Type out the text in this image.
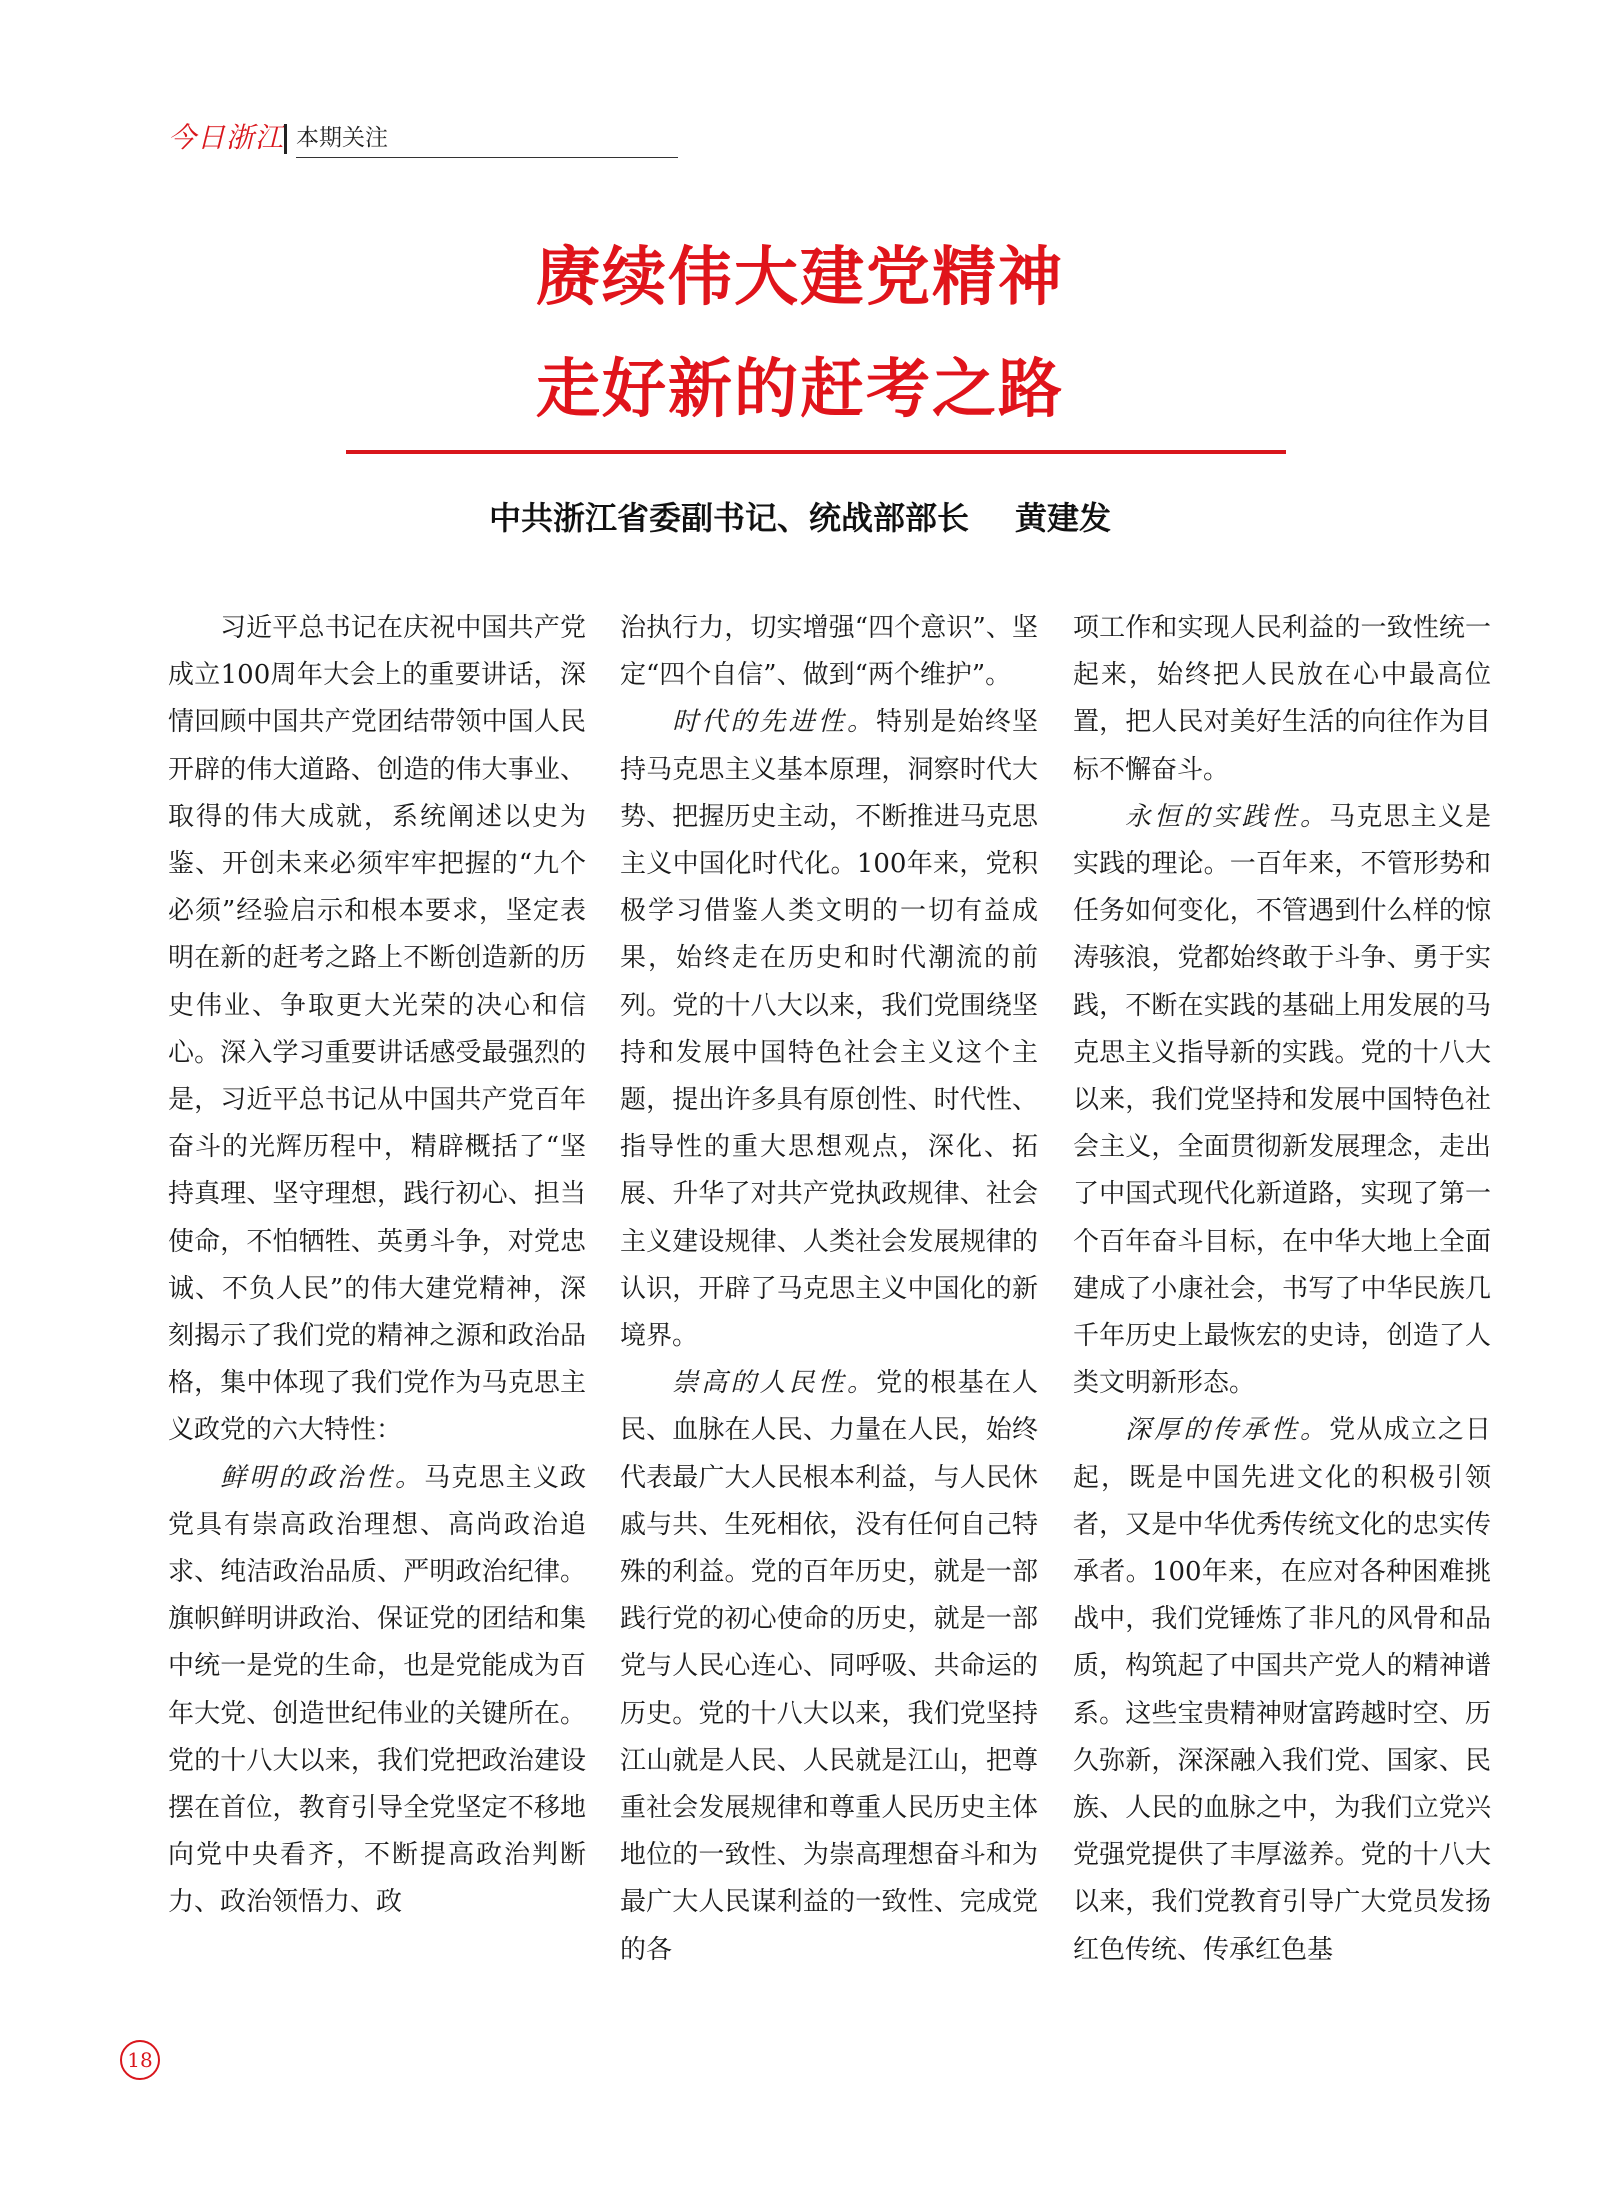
今日浙江 本期关注
赓续伟大建党精神
走好新的赶考之路
中共浙江省委副书记、统战部部长 黄建发

习近平总书记在庆祝中国共产党成立100周年大会上的重要讲话，深情回顾中国共产党团结带领中国人民开辟的伟大道路、创造的伟大事业、取得的伟大成就，系统阐述以史为鉴、开创未来必须牢牢把握的“九个必须”经验启示和根本要求，坚定表明在新的赶考之路上不断创造新的历史伟业、争取更大光荣的决心和信心。深入学习重要讲话感受最强烈的是，习近平总书记从中国共产党百年奋斗的光辉历程中，精辟概括了“坚持真理、坚守理想，践行初心、担当使命，不怕牺牲、英勇斗争，对党忠诚、不负人民”的伟大建党精神，深刻揭示了我们党的精神之源和政治品格，集中体现了我们党作为马克思主义政党的六大特性：

鲜明的政治性。马克思主义政党具有崇高政治理想、高尚政治追求、纯洁政治品质、严明政治纪律。旗帜鲜明讲政治、保证党的团结和集中统一是党的生命，也是党能成为百年大党、创造世纪伟业的关键所在。党的十八大以来，我们党把政治建设摆在首位，教育引导全党坚定不移地向党中央看齐，不断提高政治判断力、政治领悟力、政

治执行力，切实增强“四个意识”、坚定“四个自信”、做到“两个维护”。

时代的先进性。特别是始终坚持马克思主义基本原理，洞察时代大势、把握历史主动，不断推进马克思主义中国化时代化。100年来，党积极学习借鉴人类文明的一切有益成果，始终走在历史和时代潮流的前列。党的十八大以来，我们党围绕坚持和发展中国特色社会主义这个主题，提出许多具有原创性、时代性、指导性的重大思想观点，深化、拓展、升华了对共产党执政规律、社会主义建设规律、人类社会发展规律的认识，开辟了马克思主义中国化的新境界。

崇高的人民性。党的根基在人民、血脉在人民、力量在人民，始终代表最广大人民根本利益，与人民休戚与共、生死相依，没有任何自己特殊的利益。党的百年历史，就是一部践行党的初心使命的历史，就是一部党与人民心连心、同呼吸、共命运的历史。党的十八大以来，我们党坚持江山就是人民、人民就是江山，把尊重社会发展规律和尊重人民历史主体地位的一致性、为崇高理想奋斗和为最广大人民谋利益的一致性、完成党的各

项工作和实现人民利益的一致性统一起来，始终把人民放在心中最高位置，把人民对美好生活的向往作为目标不懈奋斗。

永恒的实践性。马克思主义是实践的理论。一百年来，不管形势和任务如何变化，不管遇到什么样的惊涛骇浪，党都始终敢于斗争、勇于实践，不断在实践的基础上用发展的马克思主义指导新的实践。党的十八大以来，我们党坚持和发展中国特色社会主义，全面贯彻新发展理念，走出了中国式现代化新道路，实现了第一个百年奋斗目标，在中华大地上全面建成了小康社会，书写了中华民族几千年历史上最恢宏的史诗，创造了人类文明新形态。

深厚的传承性。党从成立之日起，既是中国先进文化的积极引领者，又是中华优秀传统文化的忠实传承者。100年来，在应对各种困难挑战中，我们党锤炼了非凡的风骨和品质，构筑起了中国共产党人的精神谱系。这些宝贵精神财富跨越时空、历久弥新，深深融入我们党、国家、民族、人民的血脉之中，为我们立党兴党强党提供了丰厚滋养。党的十八大以来，我们党教育引导广大党员发扬红色传统、传承红色基

18
